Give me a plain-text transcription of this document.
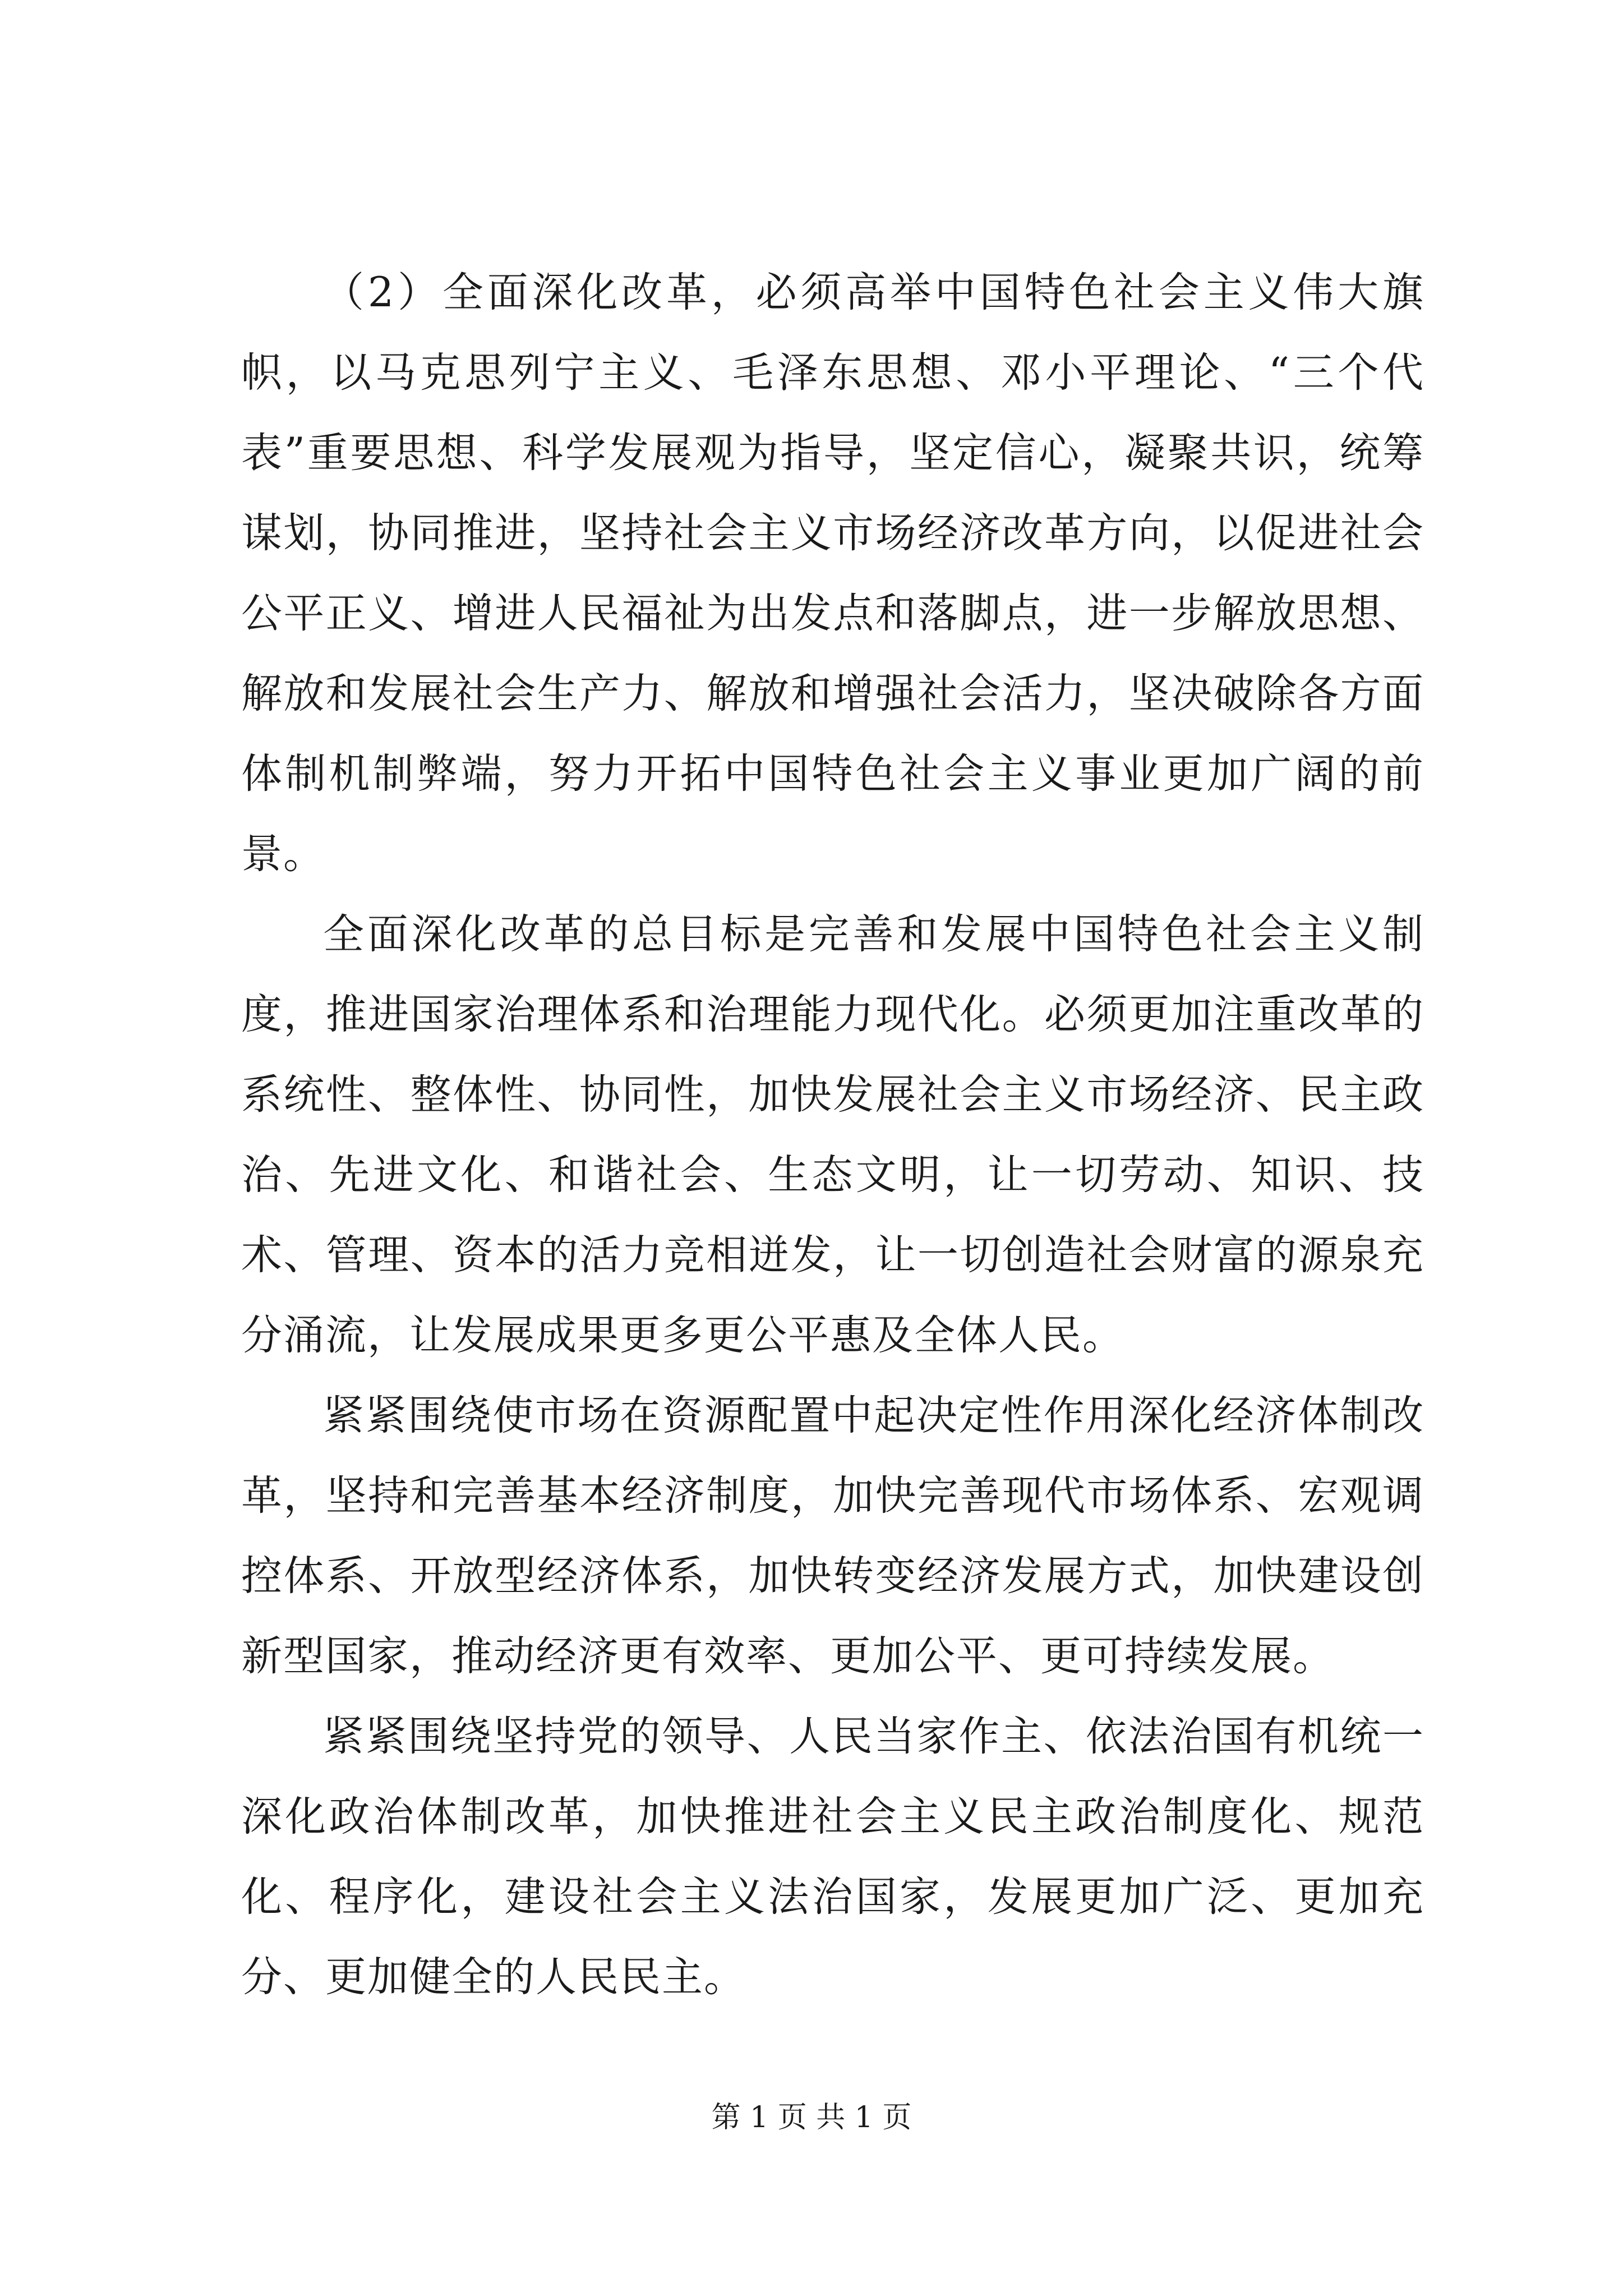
（2）全面深化改革，必须高举中国特色社会主义伟大旗帜，以马克思列宁主义、毛泽东思想、邓小平理论、“三个代表”重要思想、科学发展观为指导，坚定信心，凝聚共识，统筹谋划，协同推进，坚持社会主义市场经济改革方向，以促进社会公平正义、增进人民福祉为出发点和落脚点，进一步解放思想、解放和发展社会生产力、解放和增强社会活力，坚决破除各方面体制机制弊端，努力开拓中国特色社会主义事业更加广阔的前景。

全面深化改革的总目标是完善和发展中国特色社会主义制度，推进国家治理体系和治理能力现代化。必须更加注重改革的系统性、整体性、协同性，加快发展社会主义市场经济、民主政治、先进文化、和谐社会、生态文明，让一切劳动、知识、技术、管理、资本的活力竞相迸发，让一切创造社会财富的源泉充分涌流，让发展成果更多更公平惠及全体人民。

紧紧围绕使市场在资源配置中起决定性作用深化经济体制改革，坚持和完善基本经济制度，加快完善现代市场体系、宏观调控体系、开放型经济体系，加快转变经济发展方式，加快建设创新型国家，推动经济更有效率、更加公平、更可持续发展。

紧紧围绕坚持党的领导、人民当家作主、依法治国有机统一深化政治体制改革，加快推进社会主义民主政治制度化、规范化、程序化，建设社会主义法治国家，发展更加广泛、更加充分、更加健全的人民民主。

第 1 页 共 1 页
